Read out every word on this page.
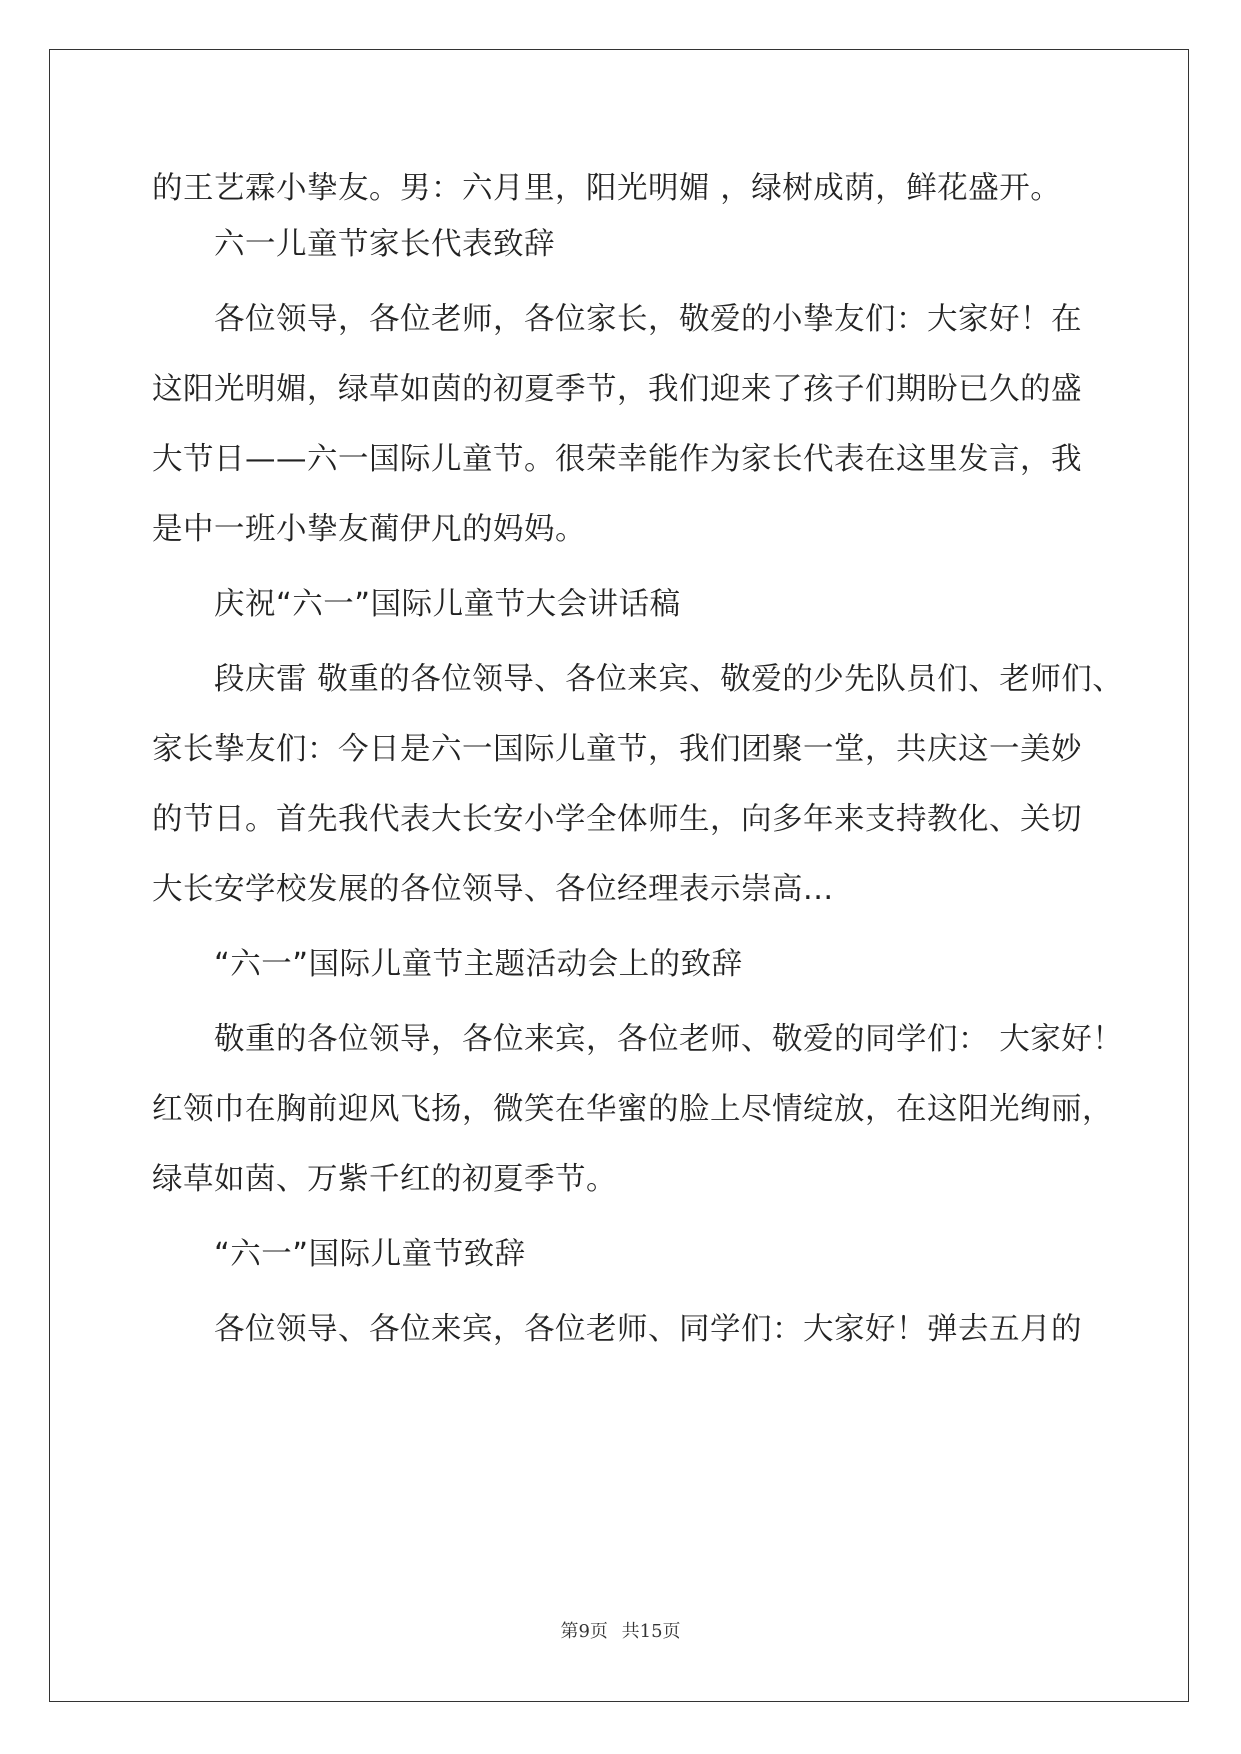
的王艺霖小挚友。男：六月里，阳光明媚 ，绿树成荫，鲜花盛开。
六一儿童节家长代表致辞
各位领导，各位老师，各位家长，敬爱的小挚友们：大家好！在
这阳光明媚，绿草如茵的初夏季节，我们迎来了孩子们期盼已久的盛
大节日——六一国际儿童节。很荣幸能作为家长代表在这里发言，我
是中一班小挚友蔺伊凡的妈妈。
庆祝“六一”国际儿童节大会讲话稿
段庆雷 敬重的各位领导、各位来宾、敬爱的少先队员们、老师们、
家长挚友们：今日是六一国际儿童节，我们团聚一堂，共庆这一美妙
的节日。首先我代表大长安小学全体师生，向多年来支持教化、关切
大长安学校发展的各位领导、各位经理表示崇高...
“六一”国际儿童节主题活动会上的致辞
敬重的各位领导，各位来宾，各位老师、敬爱的同学们： 大家好！
红领巾在胸前迎风飞扬，微笑在华蜜的脸上尽情绽放，在这阳光绚丽，
绿草如茵、万紫千红的初夏季节。
“六一”国际儿童节致辞
各位领导、各位来宾，各位老师、同学们：大家好！弹去五月的
第9页 共15页
